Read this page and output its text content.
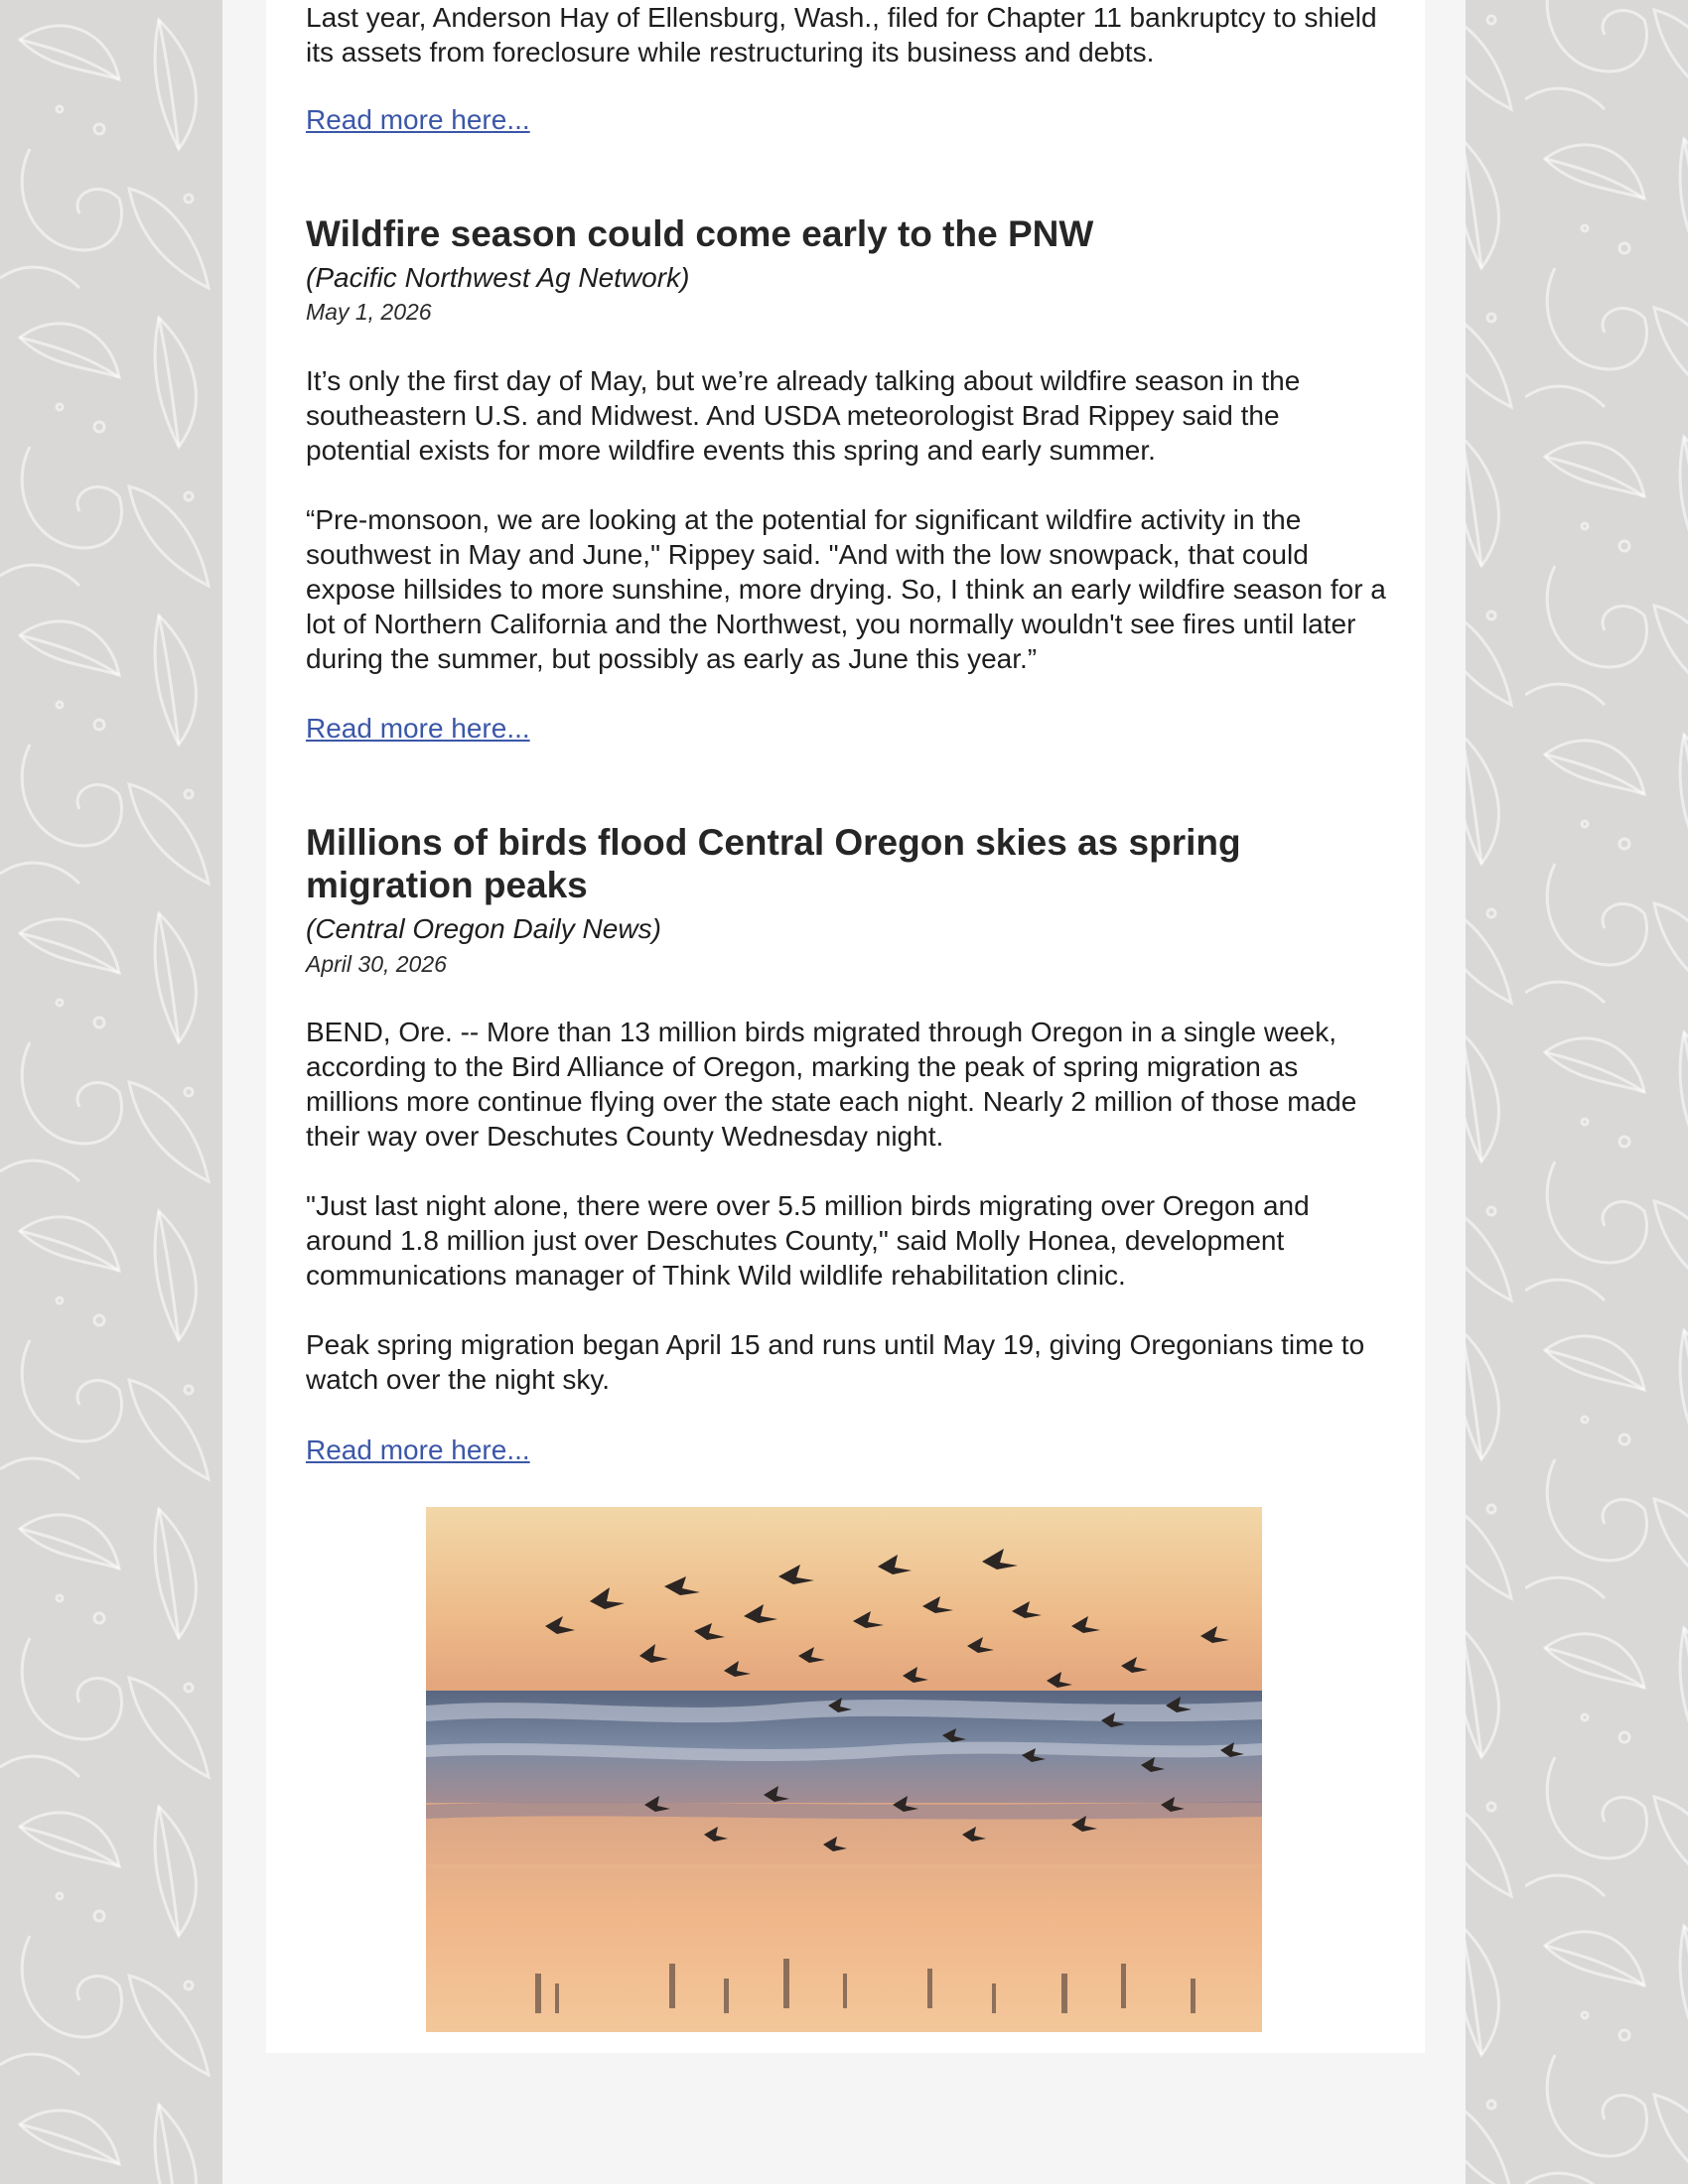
Last year, Anderson Hay of Ellensburg, Wash., filed for Chapter 11 bankruptcy to shield its assets from foreclosure while restructuring its business and debts.

Read more here...
Wildfire season could come early to the PNW
(Pacific Northwest Ag Network)
May 1, 2026

It’s only the first day of May, but we’re already talking about wildfire season in the southeastern U.S. and Midwest. And USDA meteorologist Brad Rippey said the potential exists for more wildfire events this spring and early summer.

“Pre-monsoon, we are looking at the potential for significant wildfire activity in the southwest in May and June," Rippey said. "And with the low snowpack, that could expose hillsides to more sunshine, more drying. So, I think an early wildfire season for a lot of Northern California and the Northwest, you normally wouldn't see fires until later during the summer, but possibly as early as June this year.”

Read more here...
Millions of birds flood Central Oregon skies as spring migration peaks
(Central Oregon Daily News)
April 30, 2026

BEND, Ore. -- More than 13 million birds migrated through Oregon in a single week, according to the Bird Alliance of Oregon, marking the peak of spring migration as millions more continue flying over the state each night. Nearly 2 million of those made their way over Deschutes County Wednesday night.

"Just last night alone, there were over 5.5 million birds migrating over Oregon and around 1.8 million just over Deschutes County," said Molly Honea, development communications manager of Think Wild wildlife rehabilitation clinic.

Peak spring migration began April 15 and runs until May 19, giving Oregonians time to watch over the night sky.

Read more here...
